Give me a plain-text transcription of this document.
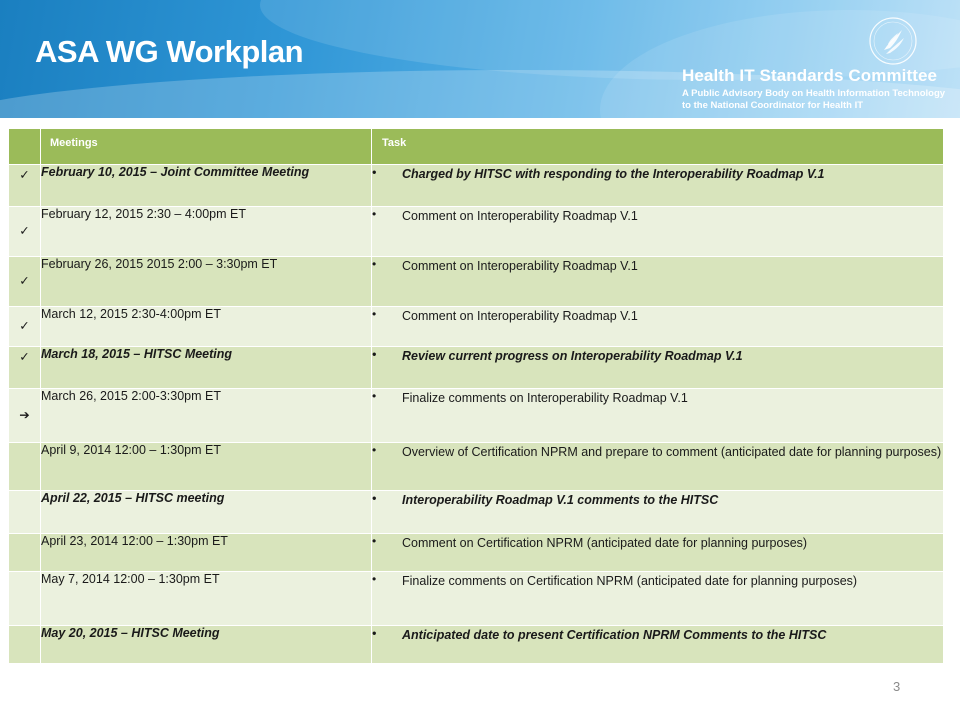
ASA WG Workplan
Health IT Standards Committee
A Public Advisory Body on Health Information Technology
to the National Coordinator for Health IT
	Meetings	Task
✓	February 10, 2015 – Joint Committee Meeting	• Charged by HITSC with responding to the Interoperability Roadmap V.1

✓	February 12, 2015 2:30 – 4:00pm ET	• Comment on Interoperability Roadmap V.1

✓	February 26, 2015 2015 2:00 – 3:30pm ET	• Comment on Interoperability Roadmap V.1

✓	March 12, 2015 2:30-4:00pm ET	• Comment on Interoperability Roadmap V.1

✓	March 18, 2015 – HITSC Meeting	• Review current progress on Interoperability Roadmap V.1

➔	March 26, 2015 2:00-3:30pm ET	• Finalize comments on Interoperability Roadmap V.1

	April 9, 2014 12:00 – 1:30pm ET	• Overview of Certification NPRM and prepare to comment (anticipated date for planning purposes)

	April 22, 2015 – HITSC meeting	• Interoperability Roadmap V.1 comments to the HITSC

	April 23, 2014 12:00 – 1:30pm ET	• Comment on Certification NPRM (anticipated date for planning purposes)

	May 7, 2014 12:00 – 1:30pm ET	• Finalize comments on Certification NPRM (anticipated date for planning purposes)

	May 20, 2015 – HITSC Meeting	• Anticipated date to present Certification NPRM Comments to the HITSC
3
